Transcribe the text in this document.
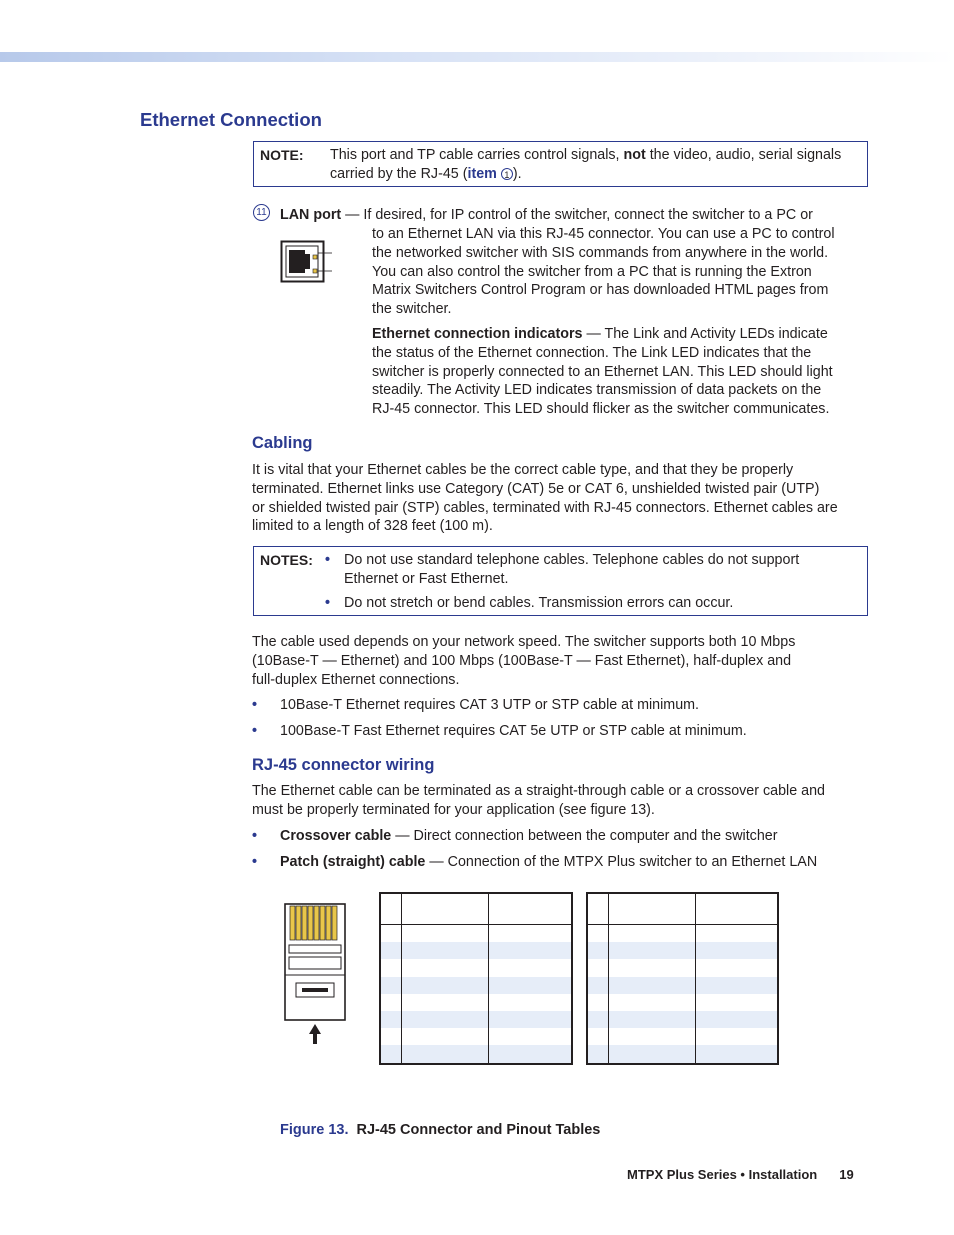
Ethernet Connection
NOTE: This port and TP cable carries control signals, not the video, audio, serial signals
carried by the RJ-45 (item 1 ).
11 LAN port — If desired, for IP control of the switcher, connect the switcher to a PC or
to an Ethernet LAN via this RJ-45 connector. You can use a PC to control
the networked switcher with SIS commands from anywhere in the world.
You can also control the switcher from a PC that is running the Extron
Matrix Switchers Control Program or has downloaded HTML pages from
the switcher.
Ethernet connection indicators — The Link and Activity LEDs indicate
the status of the Ethernet connection. The Link LED indicates that the
switcher is properly connected to an Ethernet LAN. This LED should light
steadily. The Activity LED indicates transmission of data packets on the
RJ-45 connector. This LED should flicker as the switcher communicates.
Cabling
It is vital that your Ethernet cables be the correct cable type, and that they be properly
terminated. Ethernet links use Category (CAT) 5e or CAT 6, unshielded twisted pair (UTP)
or shielded twisted pair (STP) cables, terminated with RJ-45 connectors. Ethernet cables are
limited to a length of 328 feet (100 m).
NOTES: • Do not use standard telephone cables. Telephone cables do not support
Ethernet or Fast Ethernet.
• Do not stretch or bend cables. Transmission errors can occur.
The cable used depends on your network speed. The switcher supports both 10 Mbps
(10Base-T — Ethernet) and 100 Mbps (100Base-T — Fast Ethernet), half-duplex and
full-duplex Ethernet connections.
• 10Base-T Ethernet requires CAT 3 UTP or STP cable at minimum.
• 100Base-T Fast Ethernet requires CAT 5e UTP or STP cable at minimum.
RJ-45 connector wiring
The Ethernet cable can be terminated as a straight-through cable or a crossover cable and
must be properly terminated for your application (see figure 13).
• Crossover cable — Direct connection between the computer and the switcher
• Patch (straight) cable — Connection of the MTPX Plus switcher to an Ethernet LAN

Figure 13. RJ-45 Connector and Pinout Tables
MTPX Plus Series • Installation 19
